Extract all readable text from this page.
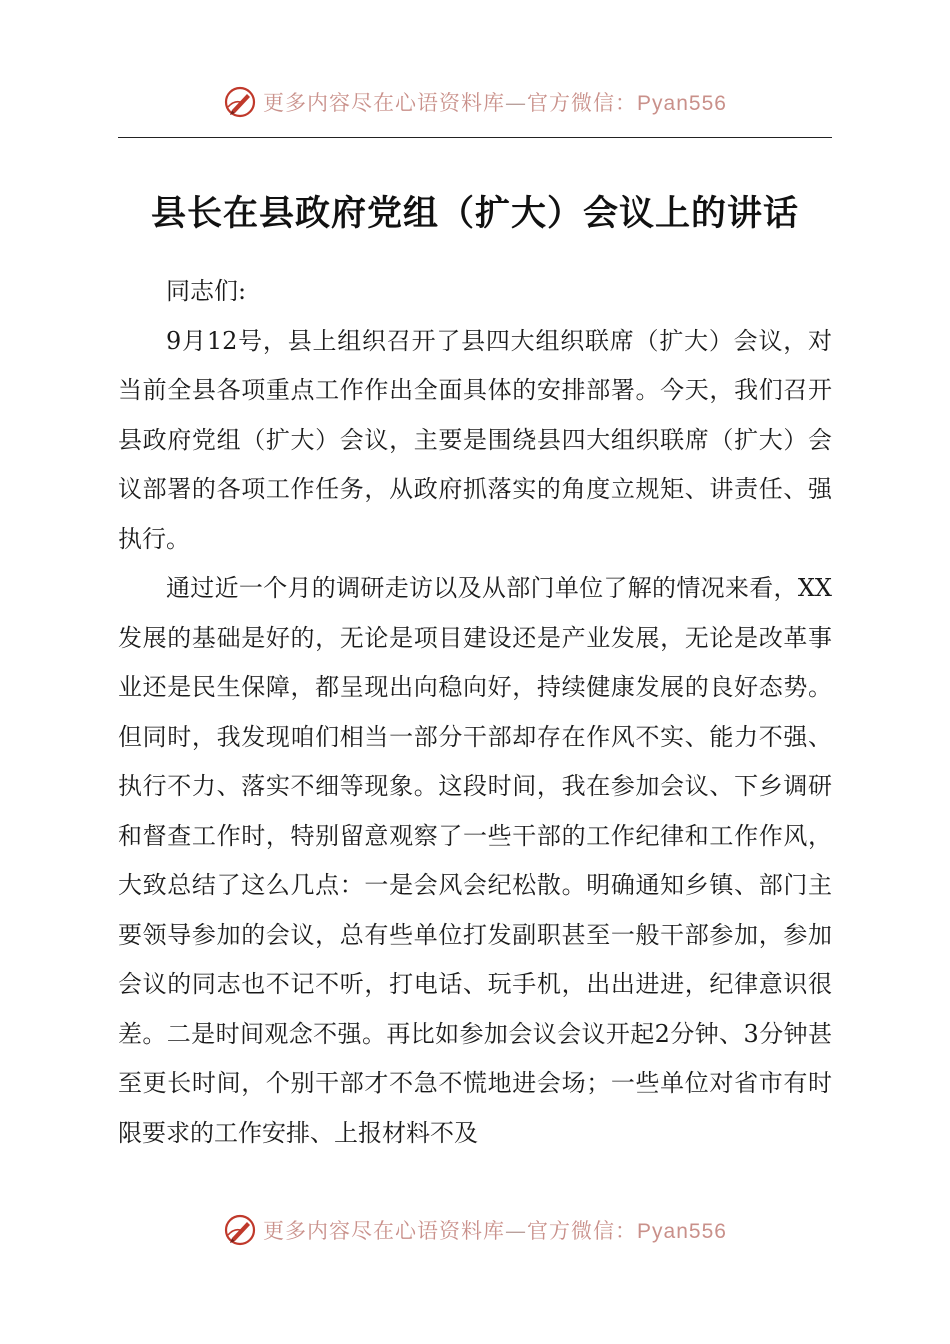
更多内容尽在心语资料库—官方微信：Pyan556
县长在县政府党组（扩大）会议上的讲话

同志们:

9月12号，县上组织召开了县四大组织联席（扩大）会议，对当前全县各项重点工作作出全面具体的安排部署。今天，我们召开县政府党组（扩大）会议，主要是围绕县四大组织联席（扩大）会议部署的各项工作任务，从政府抓落实的角度立规矩、讲责任、强执行。

通过近一个月的调研走访以及从部门单位了解的情况来看，XX发展的基础是好的，无论是项目建设还是产业发展，无论是改革事业还是民生保障，都呈现出向稳向好，持续健康发展的良好态势。但同时，我发现咱们相当一部分干部却存在作风不实、能力不强、执行不力、落实不细等现象。这段时间，我在参加会议、下乡调研和督查工作时，特别留意观察了一些干部的工作纪律和工作作风，大致总结了这么几点：一是会风会纪松散。明确通知乡镇、部门主要领导参加的会议，总有些单位打发副职甚至一般干部参加，参加会议的同志也不记不听，打电话、玩手机，出出进进，纪律意识很差。二是时间观念不强。再比如参加会议会议开起2分钟、3分钟甚至更长时间，个别干部才不急不慌地进会场；一些单位对省市有时限要求的工作安排、上报材料不及

更多内容尽在心语资料库—官方微信：Pyan556
